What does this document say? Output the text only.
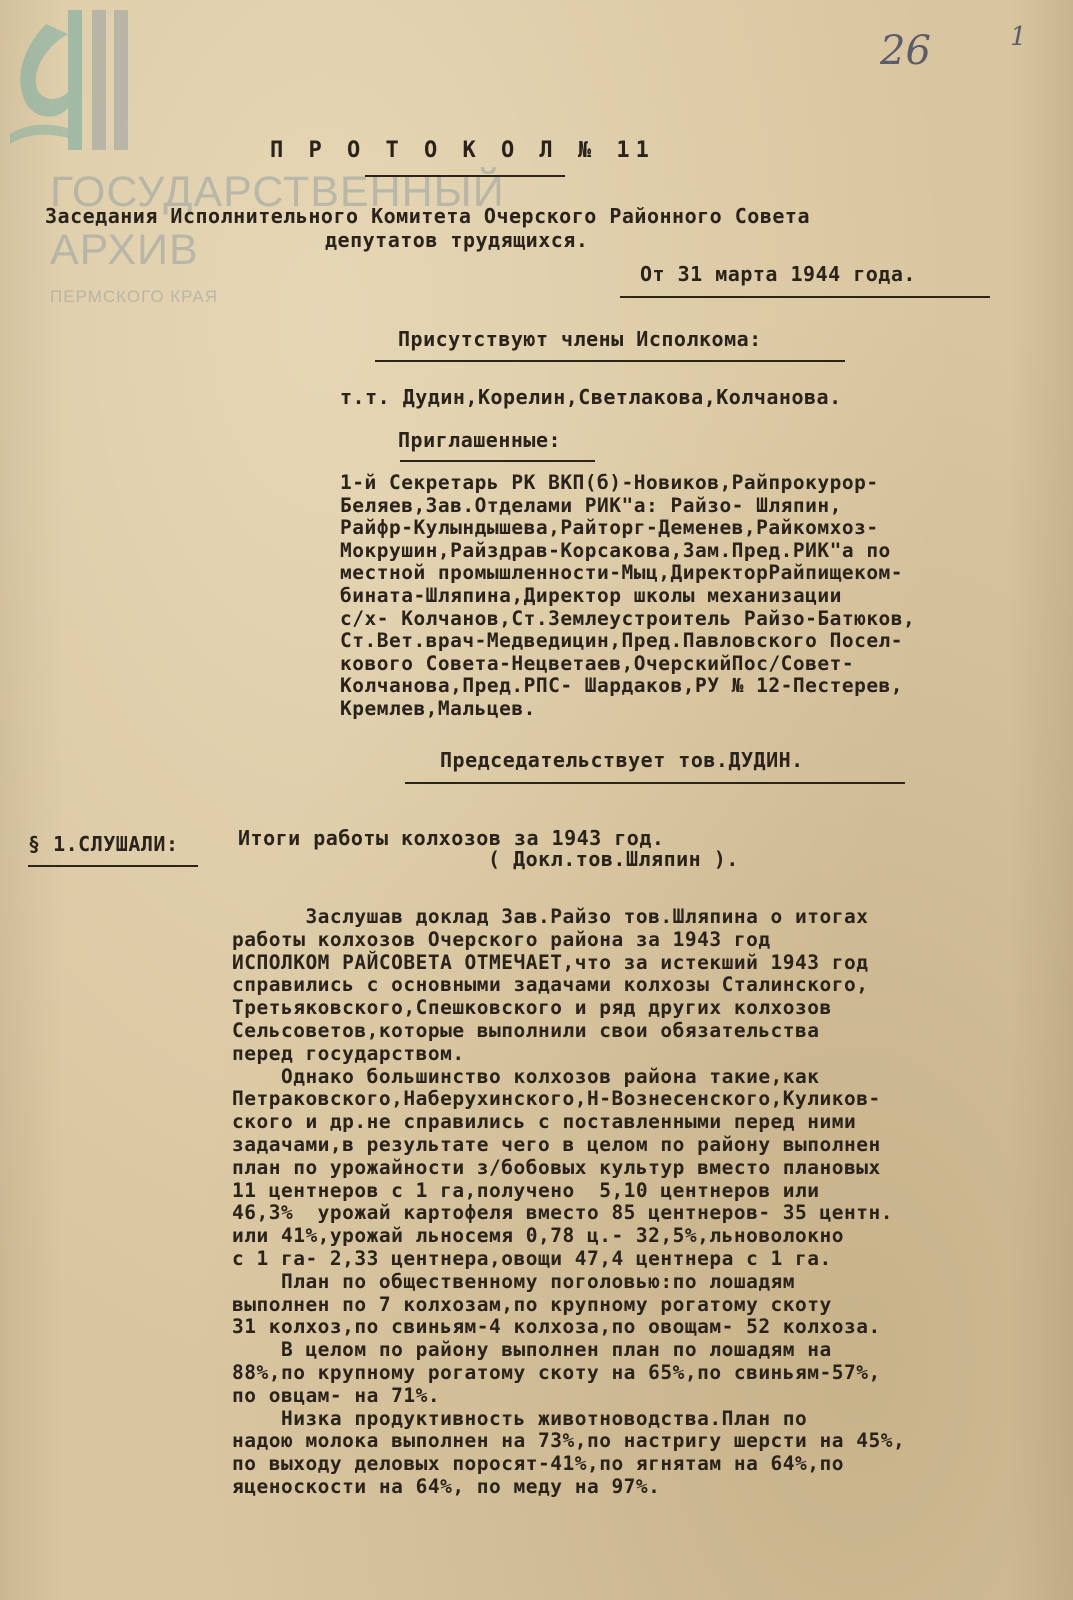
ГОСУДАРСТВЕННЫЙ
АРХИВ
ПЕРМСКОГО КРАЯ
26	1

П Р О Т О К О Л № 11

Заседания Исполнительного Комитета Очерского Районного Совета

депутатов трудящихся.

От 31 марта 1944 года.

Присутствуют члены Исполкома:

т.т. Дудин,Корелин,Светлакова,Колчанова.

Приглашенные:

1-й Секретарь РК ВКП(б)-Новиков,Райпрокурор-
Беляев,Зав.Отделами РИК"а: Райзо- Шляпин,
Райфр-Кулындышева,Райторг-Деменев,Райкомхоз-
Мокрушин,Райздрав-Корсакова,Зам.Пред.РИК"а по
местной промышленности-Мыц,ДиректорРайпищеком-
бината-Шляпина,Директор школы механизации
с/х- Колчанов,Ст.Землеустроитель Райзо-Батюков,
Ст.Вет.врач-Медведицин,Пред.Павловского Посел-
кового Совета-Нецветаев,ОчерскийПос/Совет-
Колчанова,Пред.РПС- Шардаков,РУ № 12-Пестерев,
Кремлев,Мальцев.

Председательствует тов.ДУДИН.

§ 1.СЛУШАЛИ:	Итоги работы колхозов за 1943 год.

( Докл.тов.Шляпин ).

Заслушав доклад Зав.Райзо тов.Шляпина о итогах
работы колхозов Очерского района за 1943 год
ИСПОЛКОМ РАЙСОВЕТА ОТМЕЧАЕТ,что за истекший 1943 год
справились с основными задачами колхозы Сталинского,
Третьяковского,Спешковского и ряд других колхозов
Сельсоветов,которые выполнили свои обязательства
перед государством.
Однако большинство колхозов района такие,как
Петраковского,Наберухинского,Н-Вознесенского,Куликов-
ского и др.не справились с поставленными перед ними
задачами,в результате чего в целом по району выполнен
план по урожайности з/бобовых культур вместо плановых
11 центнеров с 1 га,получено  5,10 центнеров или
46,3%  урожай картофеля вместо 85 центнеров- 35 центн.
или 41%,урожай льносемя 0,78 ц.- 32,5%,льноволокно
с 1 га- 2,33 центнера,овощи 47,4 центнера с 1 га.
План по общественному поголовью:по лошадям
выполнен по 7 колхозам,по крупному рогатому скоту
31 колхоз,по свиньям-4 колхоза,по овощам- 52 колхоза.
В целом по району выполнен план по лошадям на
88%,по крупному рогатому скоту на 65%,по свиньям-57%,
по овцам- на 71%.
Низка продуктивность животноводства.План по
надою молока выполнен на 73%,по настригу шерсти на 45%,
по выходу деловых поросят-41%,по ягнятам на 64%,по
яценоскости на 64%, по меду на 97%.
